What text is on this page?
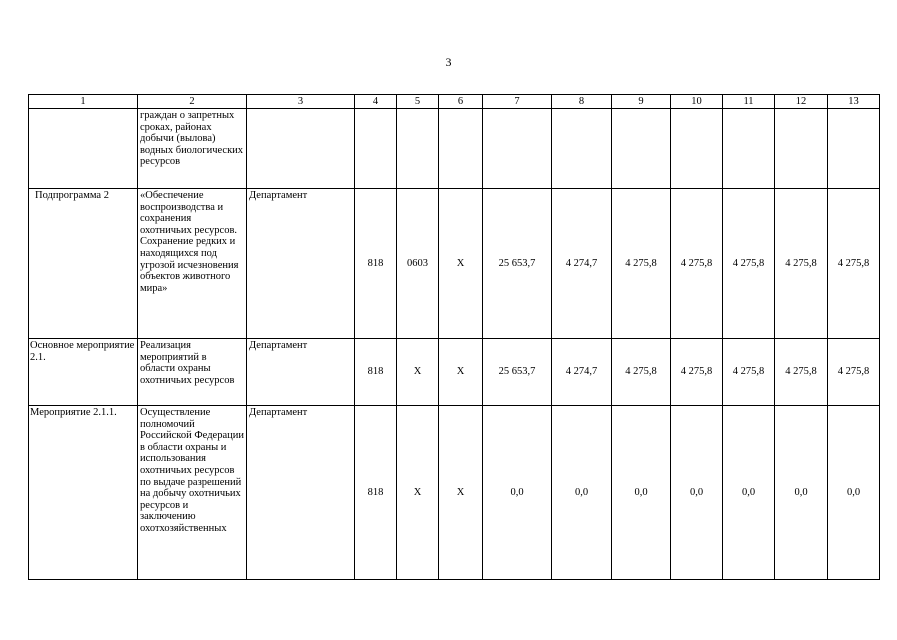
3
1	2	3	4	5	6	7	8	9	10	11	12	13
	граждан о запретных сроках, районах добычи (вылова) водных биологических ресурсов											
Подпрограмма 2	«Обеспечение воспроизводства и сохранения охотничьих ресурсов. Сохранение редких и находящихся под угрозой исчезновения объектов животного мира»	Департамент	818	0603	Х	25 653,7	4 274,7	4 275,8	4 275,8	4 275,8	4 275,8	4 275,8
Основное мероприятие 2.1.	Реализация мероприятий в области охраны охотничьих ресурсов	Департамент	818	Х	Х	25 653,7	4 274,7	4 275,8	4 275,8	4 275,8	4 275,8	4 275,8
Мероприятие 2.1.1.	Осуществление полномочий Российской Федерации в области охраны и использования охотничьих ресурсов по выдаче разрешений на добычу охотничьих ресурсов и заключению охотхозяйственных	Департамент	818	Х	Х	0,0	0,0	0,0	0,0	0,0	0,0	0,0
